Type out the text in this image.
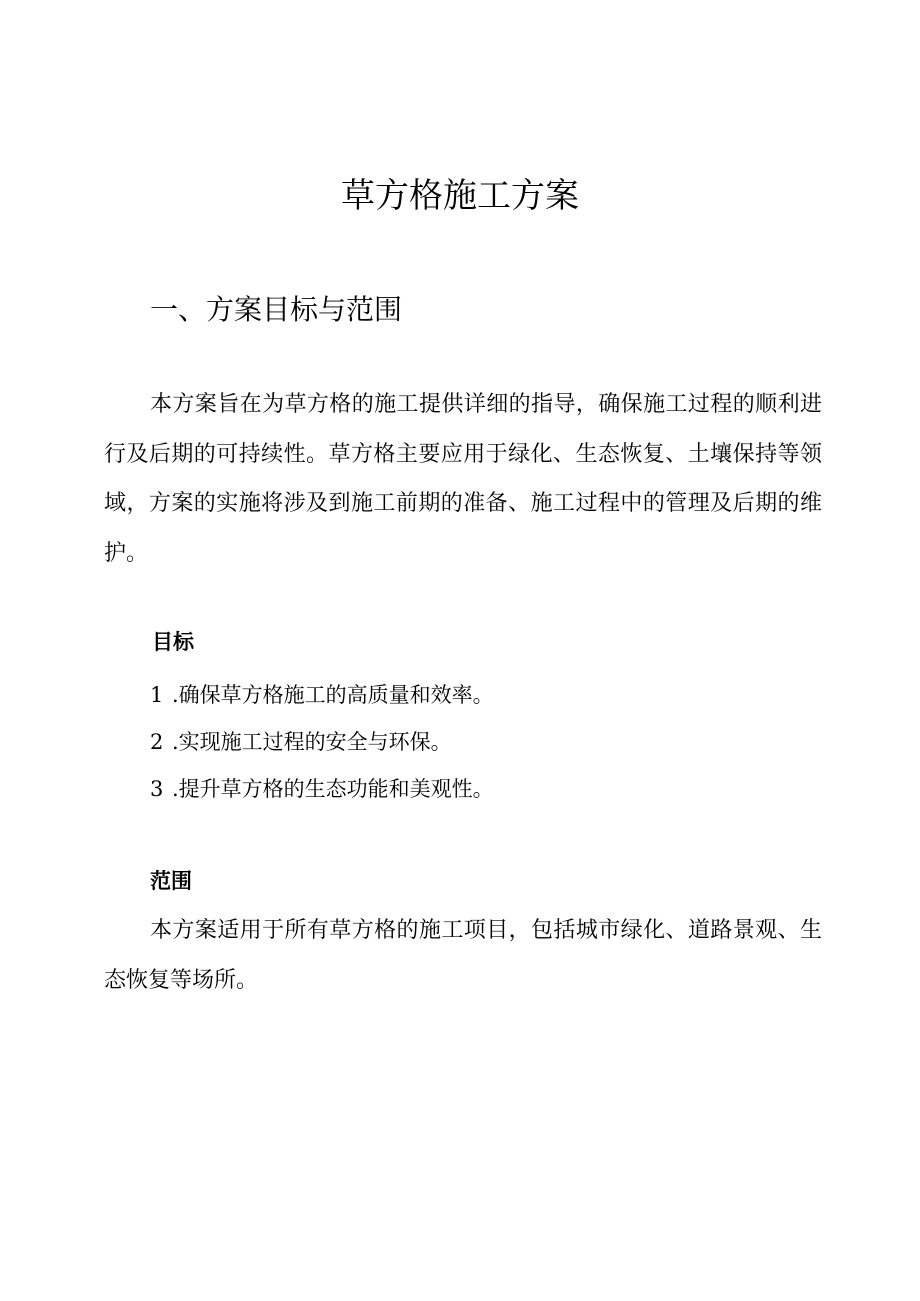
草方格施工方案
一、方案目标与范围

本方案旨在为草方格的施工提供详细的指导，确保施工过程的顺利进行及后期的可持续性。草方格主要应用于绿化、生态恢复、土壤保持等领域，方案的实施将涉及到施工前期的准备、施工过程中的管理及后期的维护。

目标
1 .确保草方格施工的高质量和效率。
2 .实现施工过程的安全与环保。
3 .提升草方格的生态功能和美观性。
范围

本方案适用于所有草方格的施工项目，包括城市绿化、道路景观、生态恢复等场所。
